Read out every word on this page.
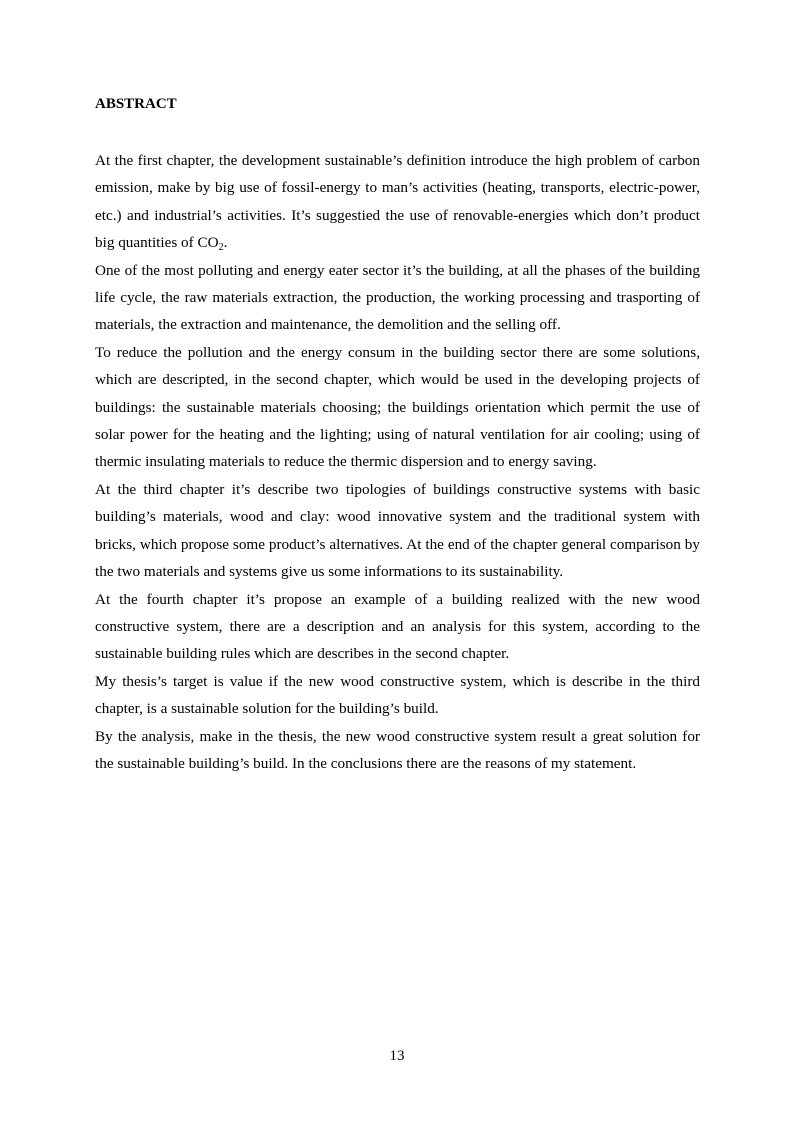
ABSTRACT

At the first chapter, the development sustainable’s definition introduce the high problem of carbon emission, make by big use of fossil-energy to man’s activities (heating, transports, electric-power, etc.) and industrial’s activities. It’s suggestied the use of renovable-energies which don’t product big quantities of $CO_2$.

One of the most polluting and energy eater sector it’s the building, at all the phases of the building life cycle, the raw materials extraction, the production, the working processing and trasporting of materials, the extraction and maintenance, the demolition and the selling off.

To reduce the pollution and the energy consum in the building sector there are some solutions, which are descripted, in the second chapter, which would be used in the developing projects of buildings: the sustainable materials choosing; the buildings orientation which permit the use of solar power for the heating and the lighting; using of natural ventilation for air cooling; using of thermic insulating materials to reduce the thermic dispersion and to energy saving.

At the third chapter it’s describe two tipologies of buildings constructive systems with basic building’s materials, wood and clay: wood innovative system and the traditional system with bricks, which propose some product’s alternatives. At the end of the chapter general comparison by the two materials and systems give us some informations to its sustainability.

At the fourth chapter it’s propose an example of a building realized with the new wood constructive system, there are a description and an analysis for this system, according to the sustainable building rules which are describes in the second chapter.

My thesis’s target is value if the new wood constructive system, which is describe in the third chapter, is a sustainable solution for the building’s build.

By the analysis, make in the thesis, the new wood constructive system result a great solution for the sustainable building’s build. In the conclusions there are the reasons of my statement.

13
